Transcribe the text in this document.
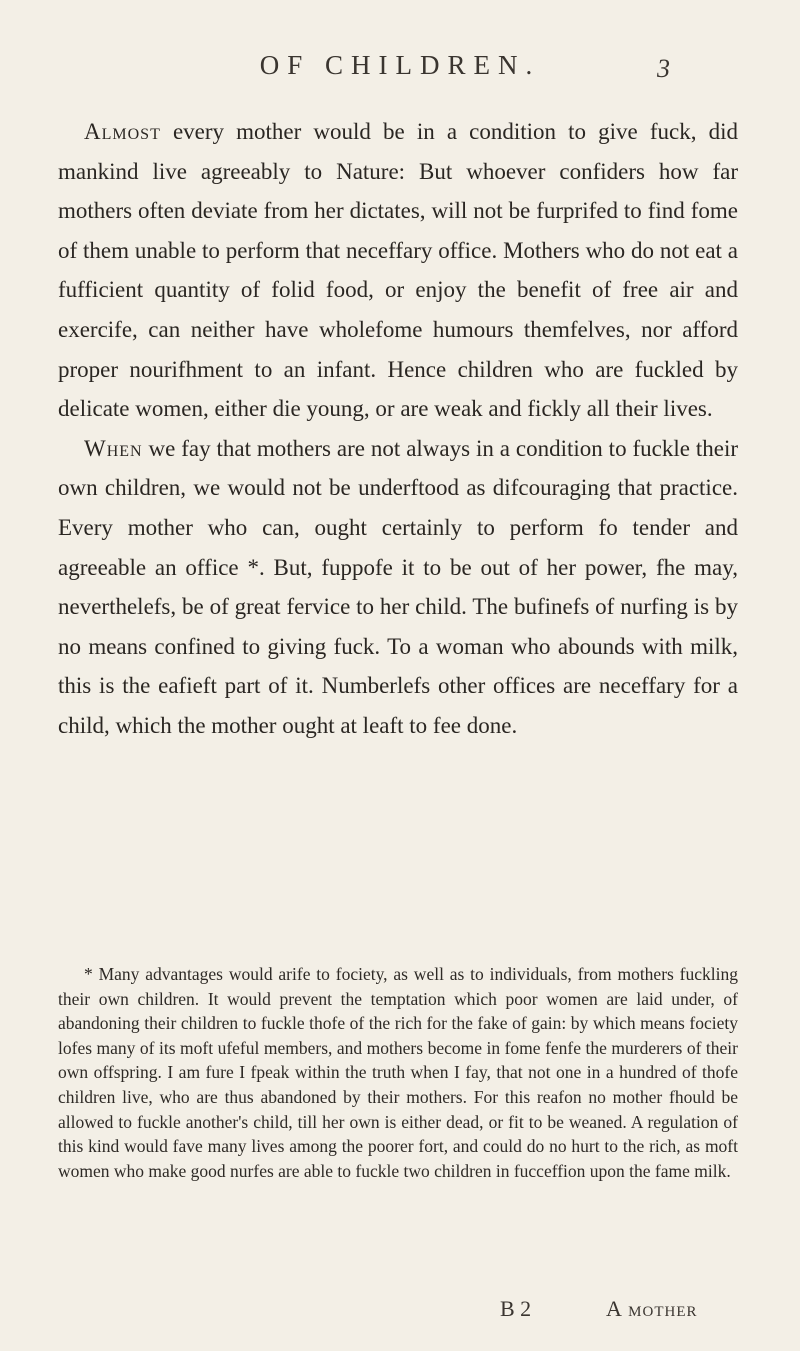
OF CHILDREN.	3

Almost every mother would be in a condition to give fuck, did mankind live agreeably to Nature: But whoever confiders how far mothers often deviate from her dictates, will not be furprifed to find fome of them unable to perform that neceffary office. Mothers who do not eat a fufficient quantity of folid food, or enjoy the benefit of free air and exercife, can neither have wholefome humours themfelves, nor afford proper nourifhment to an infant. Hence children who are fuckled by delicate women, either die young, or are weak and fickly all their lives.

When we fay that mothers are not always in a condition to fuckle their own children, we would not be underftood as difcouraging that practice. Every mother who can, ought certainly to perform fo tender and agreeable an office *. But, fuppofe it to be out of her power, fhe may, neverthelefs, be of great fervice to her child. The bufinefs of nurfing is by no means confined to giving fuck. To a woman who abounds with milk, this is the eafieft part of it. Numberlefs other offices are neceffary for a child, which the mother ought at leaft to fee done.

* Many advantages would arife to fociety, as well as to individuals, from mothers fuckling their own children. It would prevent the temptation which poor women are laid under, of abandoning their children to fuckle thofe of the rich for the fake of gain: by which means fociety lofes many of its moft ufeful members, and mothers become in fome fenfe the murderers of their own offspring. I am fure I fpeak within the truth when I fay, that not one in a hundred of thofe children live, who are thus abandoned by their mothers. For this reafon no mother fhould be allowed to fuckle another's child, till her own is either dead, or fit to be weaned. A regulation of this kind would fave many lives among the poorer fort, and could do no hurt to the rich, as moft women who make good nurfes are able to fuckle two children in fucceffion upon the fame milk.

B 2	A mother
